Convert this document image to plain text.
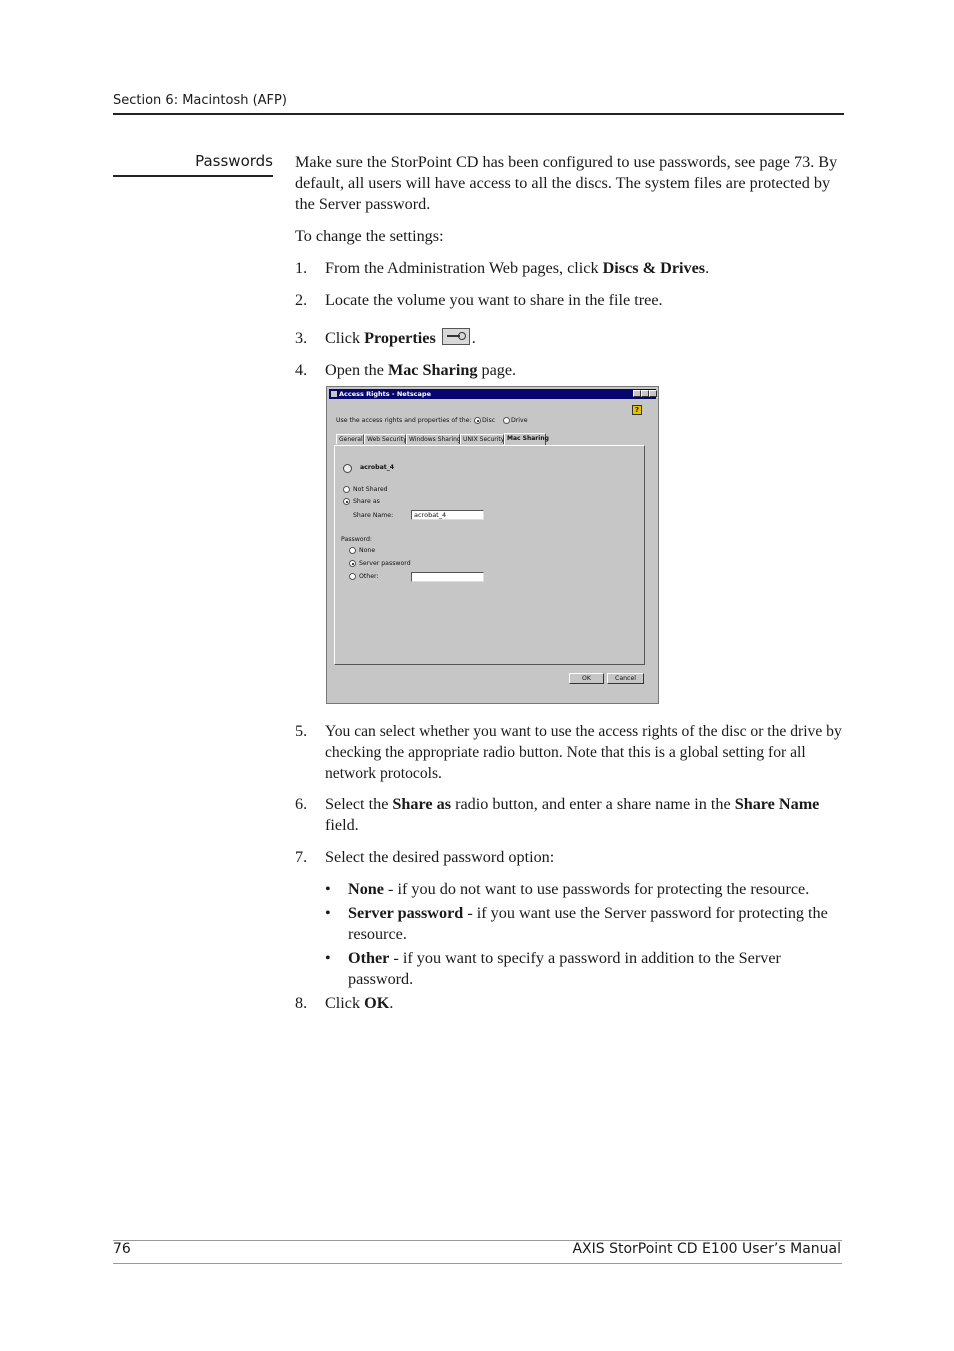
Section 6: Macintosh (AFP)
Passwords Make sure the StorPoint CD has been configured to use passwords, see page 73. By default, all users will have access to all the discs. The system files are protected by the Server password.
To change the settings:
1. From the Administration Web pages, click Discs & Drives.
2. Locate the volume you want to share in the file tree.
3. Click Properties .
4. Open the Mac Sharing page.
Access Rights - Netscape
?
Use the access rights and properties of the: Disc	Drive
General Web Security Windows Sharing UNIX Security Mac Sharing
acrobat_4
Not Shared
Share as
Share Name:	acrobat_4
Password:
None
Server password
Other:
OK	Cancel
5. You can select whether you want to use the access rights of the disc or the drive by checking the appropriate radio button. Note that this is a global setting for all network protocols.
6. Select the Share as radio button, and enter a share name in the Share Name field.
7. Select the desired password option:
• None - if you do not want to use passwords for protecting the resource.
• Server password - if you want use the Server password for protecting the resource.
• Other - if you want to specify a password in addition to the Server password.
8. Click OK.
76	AXIS StorPoint CD E100 User’s Manual
